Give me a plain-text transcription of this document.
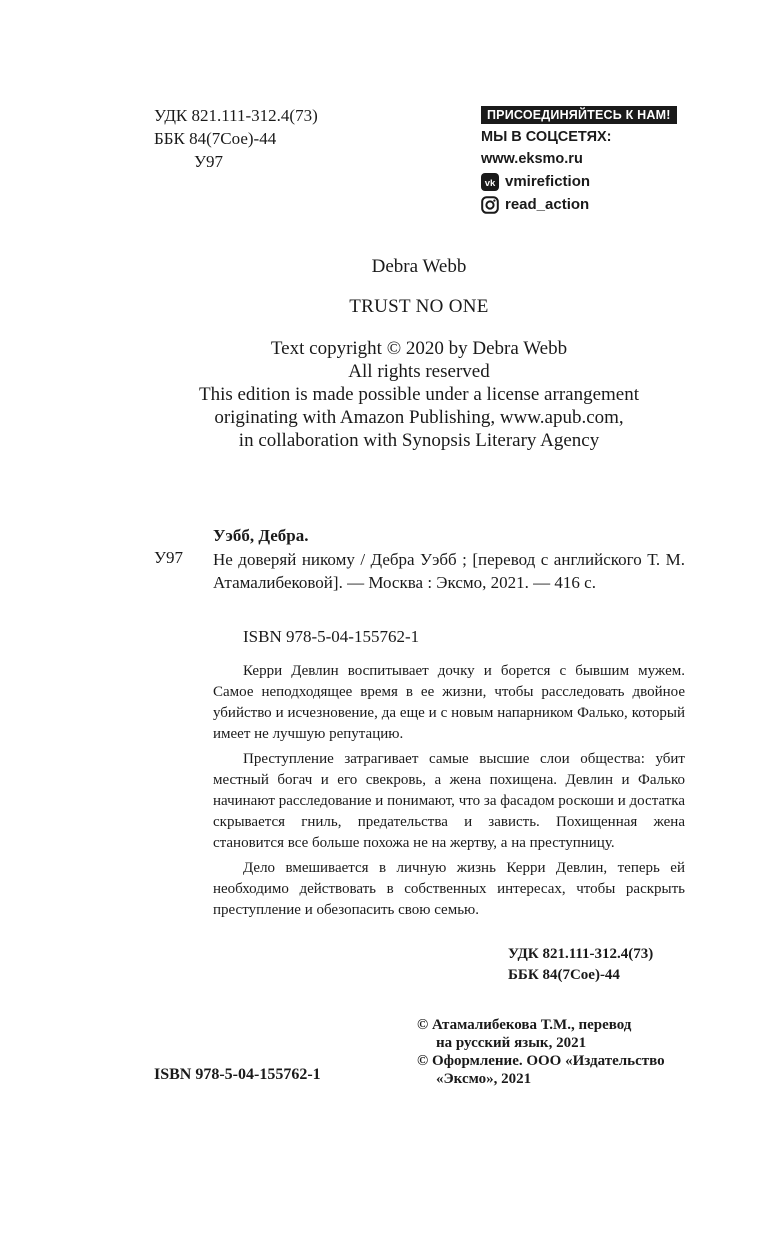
УДК 821.111-312.4(73)
ББК 84(7Сое)-44
У97
ПРИСОЕДИНЯЙТЕСЬ К НАМ!
МЫ В СОЦСЕТЯХ:
www.eksmo.ru
vk vmirefiction
read_action
Debra Webb
TRUST NO ONE
Text copyright © 2020 by Debra Webb
All rights reserved
This edition is made possible under a license arrangement
originating with Amazon Publishing, www.apub.com,
in collaboration with Synopsis Literary Agency
Уэбб, Дебра.
У97 Не доверяй никому / Дебра Уэбб ; [перевод с английского Т. М. Атамалибековой]. — Москва : Эксмо, 2021. — 416 с.
ISBN 978-5-04-155762-1

Керри Девлин воспитывает дочку и борется с бывшим мужем. Самое неподходящее время в ее жизни, чтобы расследовать двойное убийство и исчезновение, да еще и с новым напарником Фалько, который имеет не лучшую репутацию.

Преступление затрагивает самые высшие слои общества: убит местный богач и его свекровь, а жена похищена. Девлин и Фалько начинают расследование и понимают, что за фасадом роскоши и достатка скрывается гниль, предательства и зависть. Похищенная жена становится все больше похожа не на жертву, а на преступницу.

Дело вмешивается в личную жизнь Керри Девлин, теперь ей необходимо действовать в собственных интересах, чтобы раскрыть преступление и обезопасить свою семью.

УДК 821.111-312.4(73)
ББК 84(7Сое)-44
© Атамалибекова Т.М., перевод
на русский язык, 2021
© Оформление. ООО «Издательство
«Эксмо», 2021
ISBN 978-5-04-155762-1
